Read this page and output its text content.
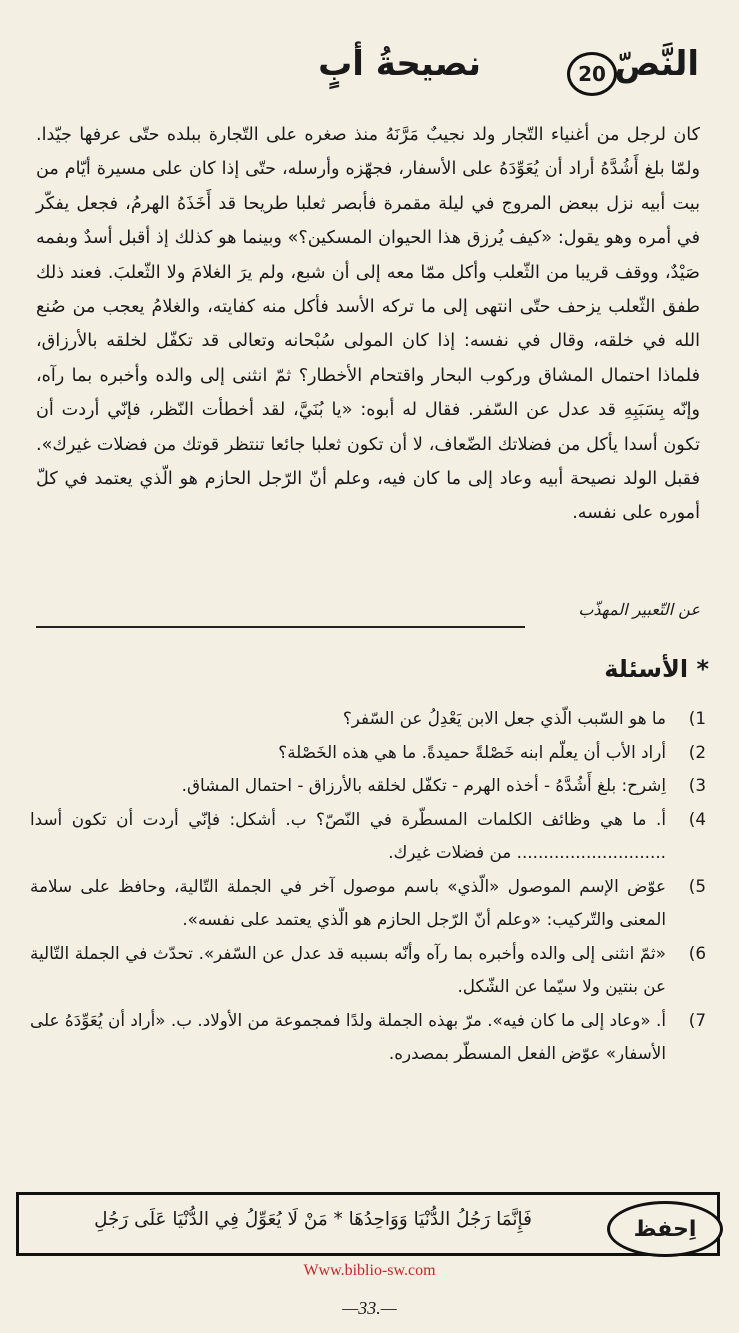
النَّصّ
20
نصيحةُ أبٍ

كان لرجل من أغنياء التّجار ولد نجيبٌ مَرَّنَهُ منذ صغره على التّجارة ببلده حتّى عرفها جيّدا. ولمّا بلغ أَشُدَّهُ أراد أن يُعَوِّدَهُ على الأسفار، فجهّزه وأرسله، حتّى إذا كان على مسيرة أيّام من بيت أبيه نزل ببعض المروج في ليلة مقمرة فأبصر ثعلبا طريحا قد أَخَذَهُ الهرمُ، فجعل يفكّر في أمره وهو يقول: «كيف يُرزق هذا الحيوان المسكين؟» وبينما هو كذلك إذ أقبل أسدٌ وبفمه صَيْدٌ، ووقف قريبا من الثّعلب وأكل ممّا معه إلى أن شبع، ولم يرَ الغلامَ ولا الثّعلبَ. فعند ذلك طفق الثّعلب يزحف حتّى انتهى إلى ما تركه الأسد فأكل منه كفايته، والغلامُ يعجب من صُنع الله في خلقه، وقال في نفسه: إذا كان المولى سُبْحانه وتعالى قد تكفّل لخلقه بالأرزاق، فلماذا احتمال المشاق وركوب البحار واقتحام الأخطار؟ ثمّ انثنى إلى والده وأخبره بما رآه، وإنّه بِسَبَبِهِ قد عدل عن السّفر. فقال له أبوه: «يا بُنَيَّ، لقد أخطأت النّظر، فإنّي أردت أن تكون أسدا يأكل من فضلاتك الضّعاف، لا أن تكون ثعلبا جائعا تنتظر قوتك من فضلات غيرك». فقبل الولد نصيحة أبيه وعاد إلى ما كان فيه، وعلم أنّ الرّجل الحازم هو الّذي يعتمد في كلّ أموره على نفسه.

عن التّعبير المهذّب
* الأسئلة
1)
ما هو السّبب الّذي جعل الابن يَعْدِلُ عن السّفر؟
2)
أراد الأب أن يعلّم ابنه خَصْلةً حميدةً. ما هي هذه الخَصْلة؟
3)
اِشرح: بلغ أَشُدَّهُ - أخذه الهرم - تكفّل لخلقه بالأرزاق - احتمال المشاق.
4)
أ. ما هي وظائف الكلمات المسطّرة في النّصّ؟ ب. أشكل: فإنّي أردت أن تكون أسدا ............................ من فضلات غيرك.
5)
عوّض الإسم الموصول «الّذي» باسم موصول آخر في الجملة التّالية، وحافظ على سلامة المعنى والتّركيب: «وعلم أنّ الرّجل الحازم هو الّذي يعتمد على نفسه».
6)
«ثمّ انثنى إلى والده وأخبره بما رآه وأنّه بسببه قد عدل عن السّفر». تحدّث في الجملة التّالية عن بنتين ولا سيّما عن الشّكل.
7)
أ. «وعاد إلى ما كان فيه». مرّ بهذه الجملة ولدًا فمجموعة من الأولاد. ب. «أراد أن يُعَوِّدَهُ على الأسفار» عوّض الفعل المسطّر بمصدره.
اِحفظ
فَإِنَّمَا رَجُلُ الدُّنْيَا وَوَاحِدُهَا * مَنْ لَا يُعَوِّلُ فِي الدُّنْيَا عَلَى رَجُلِ
Www.biblio-sw.com
—33.—
